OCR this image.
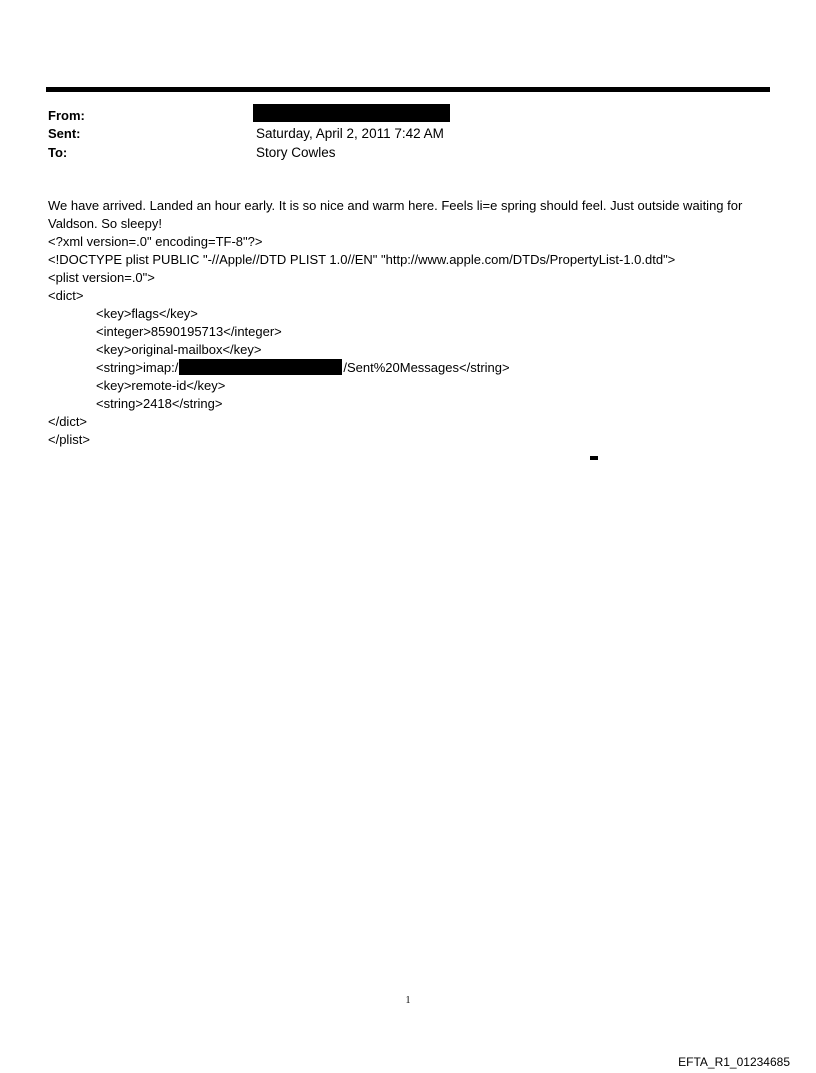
From:
Sent:	Saturday, April 2, 2011 7:42 AM
To:	Story Cowles
We have arrived. Landed an hour early. It is so nice and warm here. Feels li=e spring should feel. Just outside waiting for
Valdson. So sleepy!
<?xml version=.0" encoding=TF-8"?>
<!DOCTYPE plist PUBLIC "-//Apple//DTD PLIST 1.0//EN" "http://www.apple.com/DTDs/PropertyList-1.0.dtd">
<plist version=.0">
<dict>
<key>flags</key>
<integer>8590195713</integer>
<key>original-mailbox</key>
<string>imap:/	/Sent%20Messages</string>
<key>remote-id</key>
<string>2418</string>
</dict>
</plist>
1
EFTA_R1_01234685
